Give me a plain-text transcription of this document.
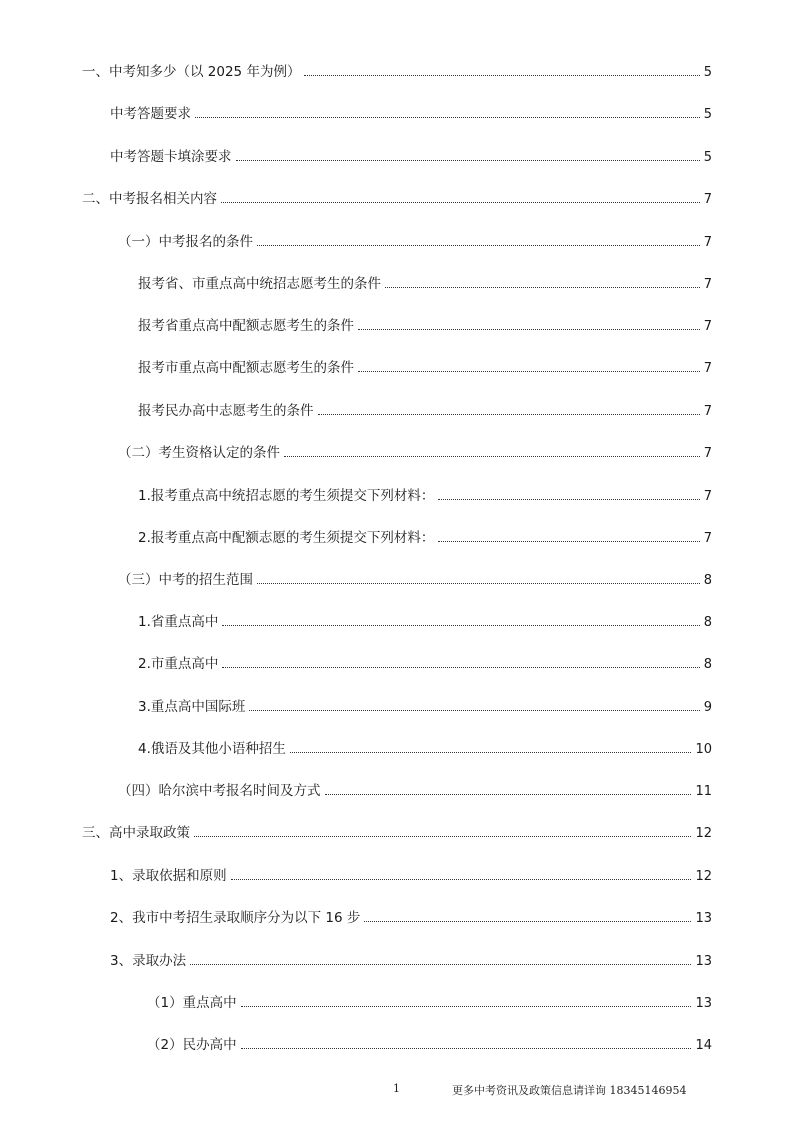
一、中考知多少（以 2025 年为例）	5
中考答题要求	5
中考答题卡填涂要求	5
二、中考报名相关内容	7
（一）中考报名的条件	7
报考省、市重点高中统招志愿考生的条件	7
报考省重点高中配额志愿考生的条件	7
报考市重点高中配额志愿考生的条件	7
报考民办高中志愿考生的条件	7
（二）考生资格认定的条件	7
1.报考重点高中统招志愿的考生须提交下列材料：	7
2.报考重点高中配额志愿的考生须提交下列材料：	7
（三）中考的招生范围	8
1.省重点高中	8
2.市重点高中	8
3.重点高中国际班	9
4.俄语及其他小语种招生	10
（四）哈尔滨中考报名时间及方式	11
三、高中录取政策	12
1、录取依据和原则	12
2、我市中考招生录取顺序分为以下 16 步	13
3、录取办法	13
（1）重点高中	13
（2）民办高中	14
1	更多中考资讯及政策信息请详询 18345146954
